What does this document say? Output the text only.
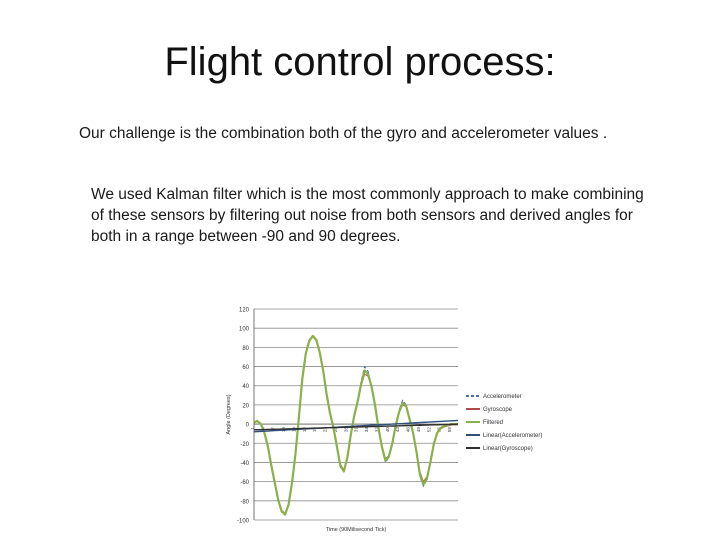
Flight control process:
Our challenge is the combination both of the gyro and accelerometer values .
We used Kalman filter which is the most commonly approach to make combining of these sensors by filtering out noise from both sensors and derived angles for both in a range between -90 and 90 degrees.
120
100
80
60
40
20
0
-20
-40
-60
-80
-100
1 4 7 10 13 16 19 22 25 28 31 34 37 40 43 46 49 52 55 58
Angle (Degrees)
Time (90Milisecond Tick)
Accelerometer
Gyroscope
Filtered
Linear(Accelerometer)
Linear(Gyroscope)
